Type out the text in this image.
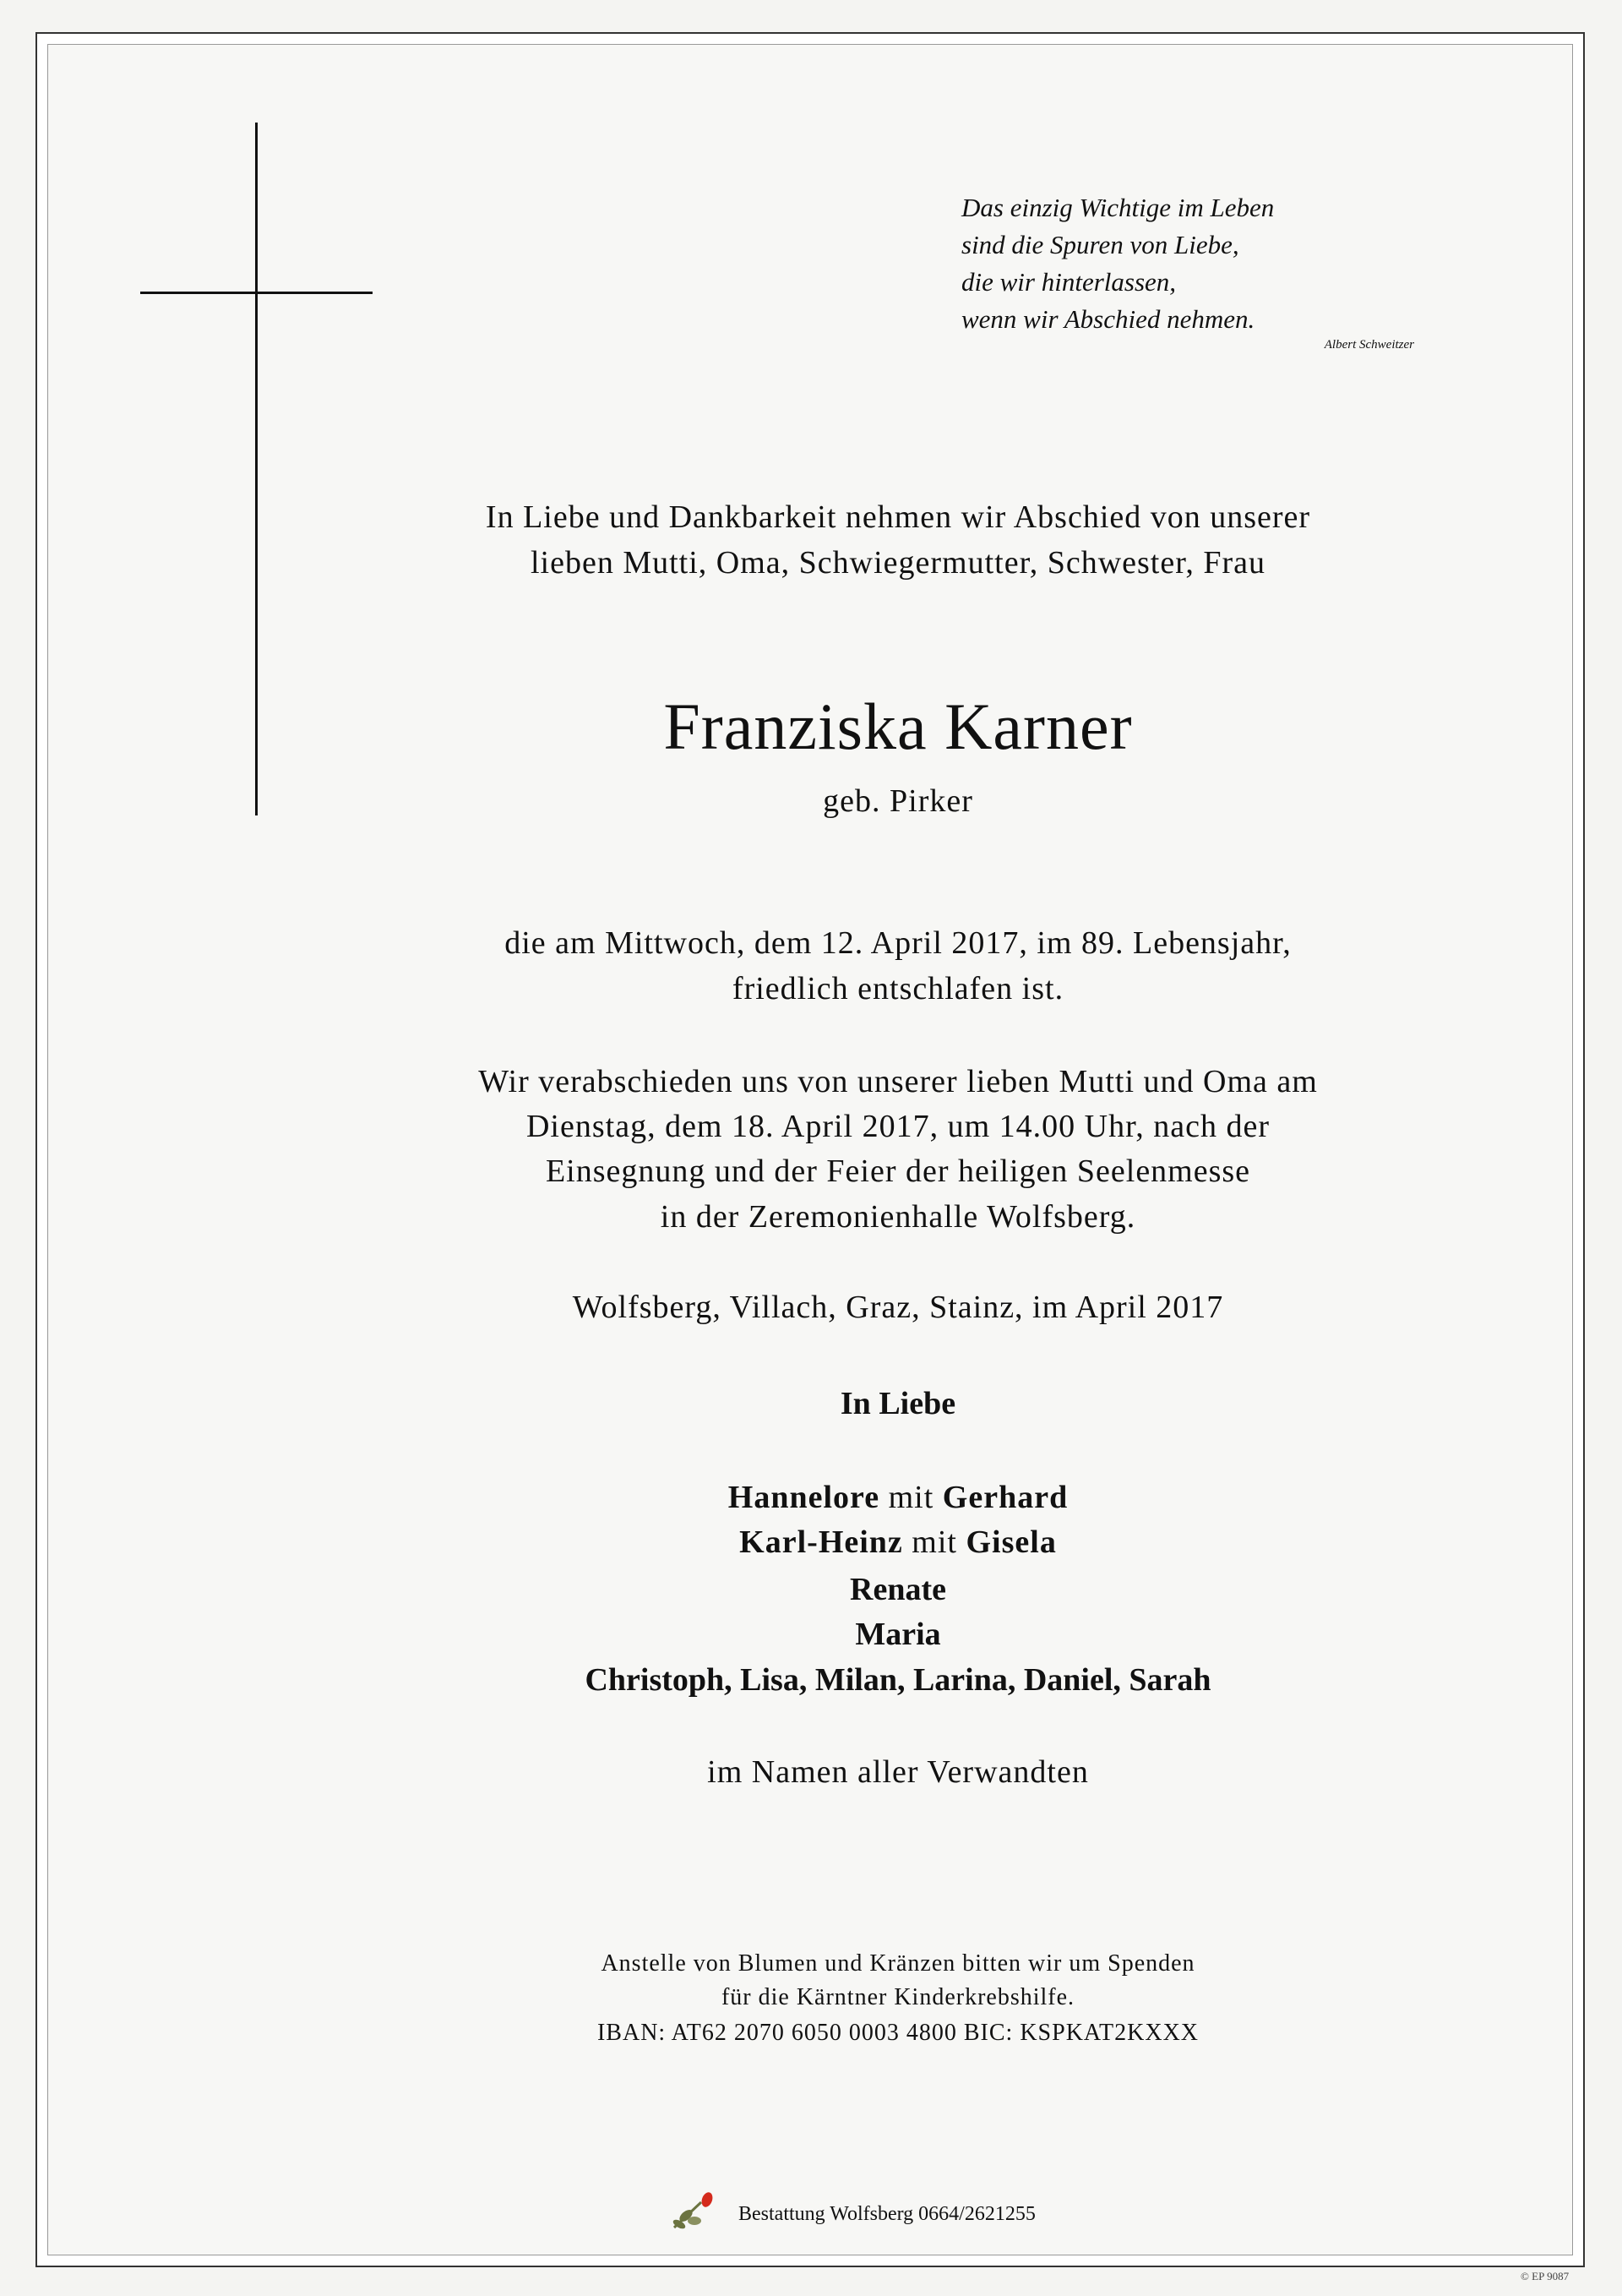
Das einzig Wichtige im Leben
sind die Spuren von Liebe,
die wir hinterlassen,
wenn wir Abschied nehmen.
Albert Schweitzer
In Liebe und Dankbarkeit nehmen wir Abschied von unserer
lieben Mutti, Oma, Schwiegermutter, Schwester, Frau
Franziska Karner
geb. Pirker
die am Mittwoch, dem 12. April 2017, im 89. Lebensjahr,
friedlich entschlafen ist.
Wir verabschieden uns von unserer lieben Mutti und Oma am
Dienstag, dem 18. April 2017, um 14.00 Uhr, nach der
Einsegnung und der Feier der heiligen Seelenmesse
in der Zeremonienhalle Wolfsberg.
Wolfsberg, Villach, Graz, Stainz, im April 2017
In Liebe
Hannelore mit Gerhard
Karl-Heinz mit Gisela
Renate
Maria
Christoph, Lisa, Milan, Larina, Daniel, Sarah
im Namen aller Verwandten
Anstelle von Blumen und Kränzen bitten wir um Spenden
für die Kärntner Kinderkrebshilfe.
IBAN: AT62 2070 6050 0003 4800 BIC: KSPKAT2KXXX
Bestattung Wolfsberg 0664/2621255
© EP 9087
